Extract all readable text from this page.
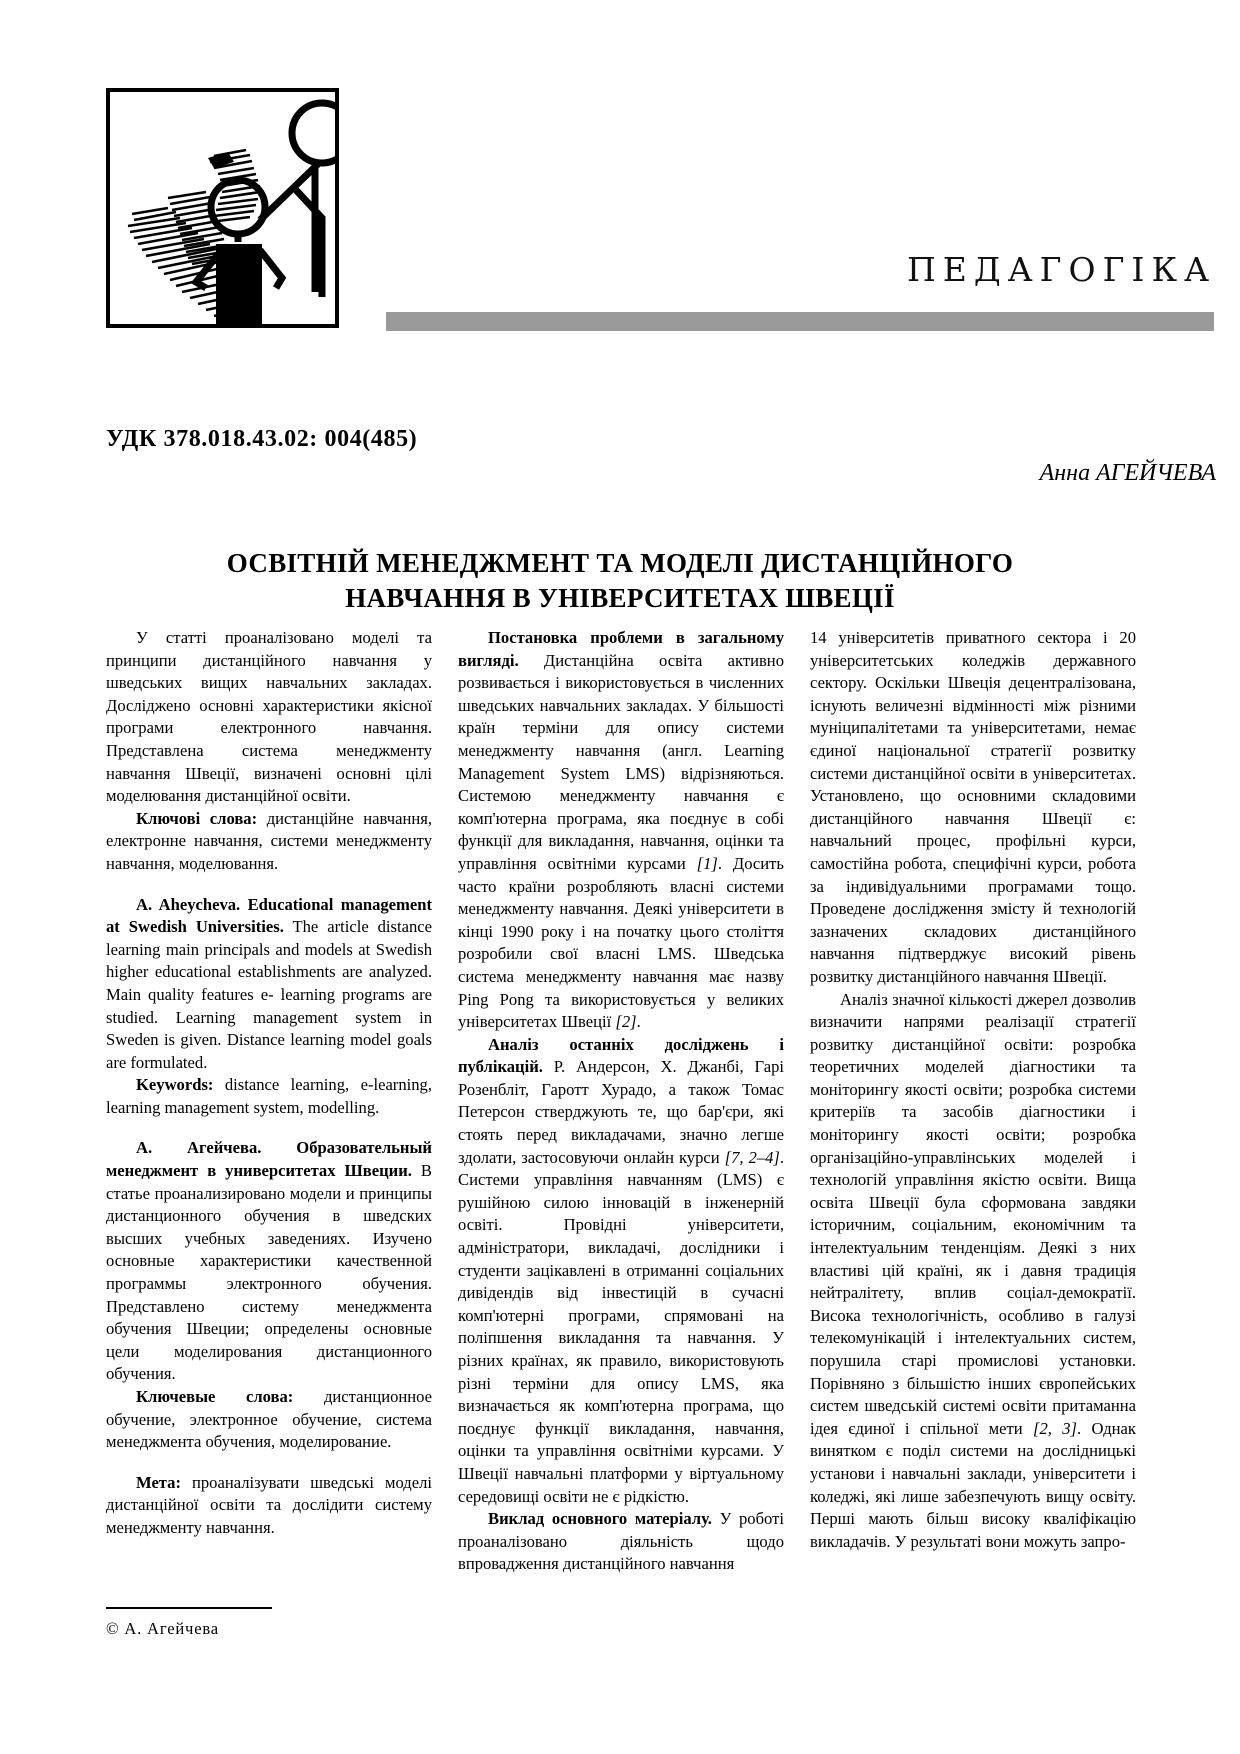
ПЕДАГОГІКА
УДК 378.018.43.02: 004(485)
Анна АГЕЙЧЕВА
ОСВІТНІЙ МЕНЕДЖМЕНТ ТА МОДЕЛІ ДИСТАНЦІЙНОГО
НАВЧАННЯ В УНІВЕРСИТЕТАХ ШВЕЦІЇ

У статті проаналізовано моделі та принципи дистанційного навчання у шведських вищих навчальних закладах. Досліджено основні характеристики якісної програми електронного навчання. Представлена система менеджменту навчання Швеції, визначені основні цілі моделювання дистанційної освіти.

Ключові слова: дистанційне навчання, електронне навчання, системи менеджменту навчання, моделювання.

A. Aheycheva. Educational management at Swedish Universities. The article distance learning main principals and models at Swedish higher educational establishments are analyzed. Main quality features e- learning programs are studied. Learning management system in Sweden is given. Distance learning model goals are formulated.

Keywords: distance learning, e-learning, learning management system, modelling.

А. Агейчева. Образовательный менеджмент в университетах Швеции. В статье проанализировано модели и принципы дистанционного обучения в шведских высших учебных заведениях. Изучено основные характеристики качественной программы электронного обучения. Представлено систему менеджмента обучения Швеции; определены основные цели моделирования дистанционного обучения.

Ключевые слова: дистанционное обучение, электронное обучение, система менеджмента обучения, моделирование.

Мета: проаналізувати шведські моделі дистанційної освіти та дослідити систему менеджменту навчання.

Постановка проблеми в загальному вигляді. Дистанційна освіта активно розвивається і використовується в численних шведських навчальних закладах. У більшості країн терміни для опису системи менеджменту навчання (англ. Learning Management System LMS) відрізняються. Системою менеджменту навчання є комп'ютерна програма, яка поєднує в собі функції для викладання, навчання, оцінки та управління освітніми курсами [1]. Досить часто країни розробляють власні системи менеджменту навчання. Деякі університети в кінці 1990 року і на початку цього століття розробили свої власні LMS. Шведська система менеджменту навчання має назву Ping Pong та використовується у великих університетах Швеції [2].

Аналіз останніх досліджень і публікацій. Р. Андерсон, Х. Джанбі, Гарі Розенбліт, Гаротт Хурадо, а також Томас Петерсон стверджують те, що бар'єри, які стоять перед викладачами, значно легше здолати, застосовуючи онлайн курси [7, 2–4]. Системи управління навчанням (LMS) є рушійною силою інновацій в інженерній освіті. Провідні університети, адміністратори, викладачі, дослідники і студенти зацікавлені в отриманні соціальних дивідендів від інвестицій в сучасні комп'ютерні програми, спрямовані на поліпшення викладання та навчання. У різних країнах, як правило, використовують різні терміни для опису LMS, яка визначається як комп'ютерна програма, що поєднує функції викладання, навчання, оцінки та управління освітніми курсами. У Швеції навчальні платформи у віртуальному середовищі освіти не є рідкістю.

Виклад основного матеріалу. У роботі проаналізовано діяльність щодо впровадження дистанційного навчання

14 університетів приватного сектора і 20 університетських коледжів державного сектору. Оскільки Швеція децентралізована, існують величезні відмінності між різними муніципалітетами та університетами, немає єдиної національної стратегії розвитку системи дистанційної освіти в університетах. Установлено, що основними складовими дистанційного навчання Швеції є: навчальний процес, профільні курси, самостійна робота, специфічні курси, робота за індивідуальними програмами тощо. Проведене дослідження змісту й технологій зазначених складових дистанційного навчання підтверджує високий рівень розвитку дистанційного навчання Швеції.

Аналіз значної кількості джерел дозволив визначити напрями реалізації стратегії розвитку дистанційної освіти: розробка теоретичних моделей діагностики та моніторингу якості освіти; розробка системи критеріїв та засобів діагностики і моніторингу якості освіти; розробка організаційно-управлінських моделей і технологій управління якістю освіти. Вища освіта Швеції була сформована завдяки історичним, соціальним, економічним та інтелектуальним тенденціям. Деякі з них властиві цій країні, як і давня традиція нейтралітету, вплив соціал-демократії. Висока технологічність, особливо в галузі телекомунікацій і інтелектуальних систем, порушила старі промислові установки. Порівняно з більшістю інших європейських систем шведській системі освіти притаманна ідея єдиної і спільної мети [2, 3]. Однак винятком є поділ системи на дослідницькі установи і навчальні заклади, університети і коледжі, які лише забезпечують вищу освіту. Перші мають більш високу кваліфікацію викладачів. У результаті вони можуть запро-

© А. Агейчева
